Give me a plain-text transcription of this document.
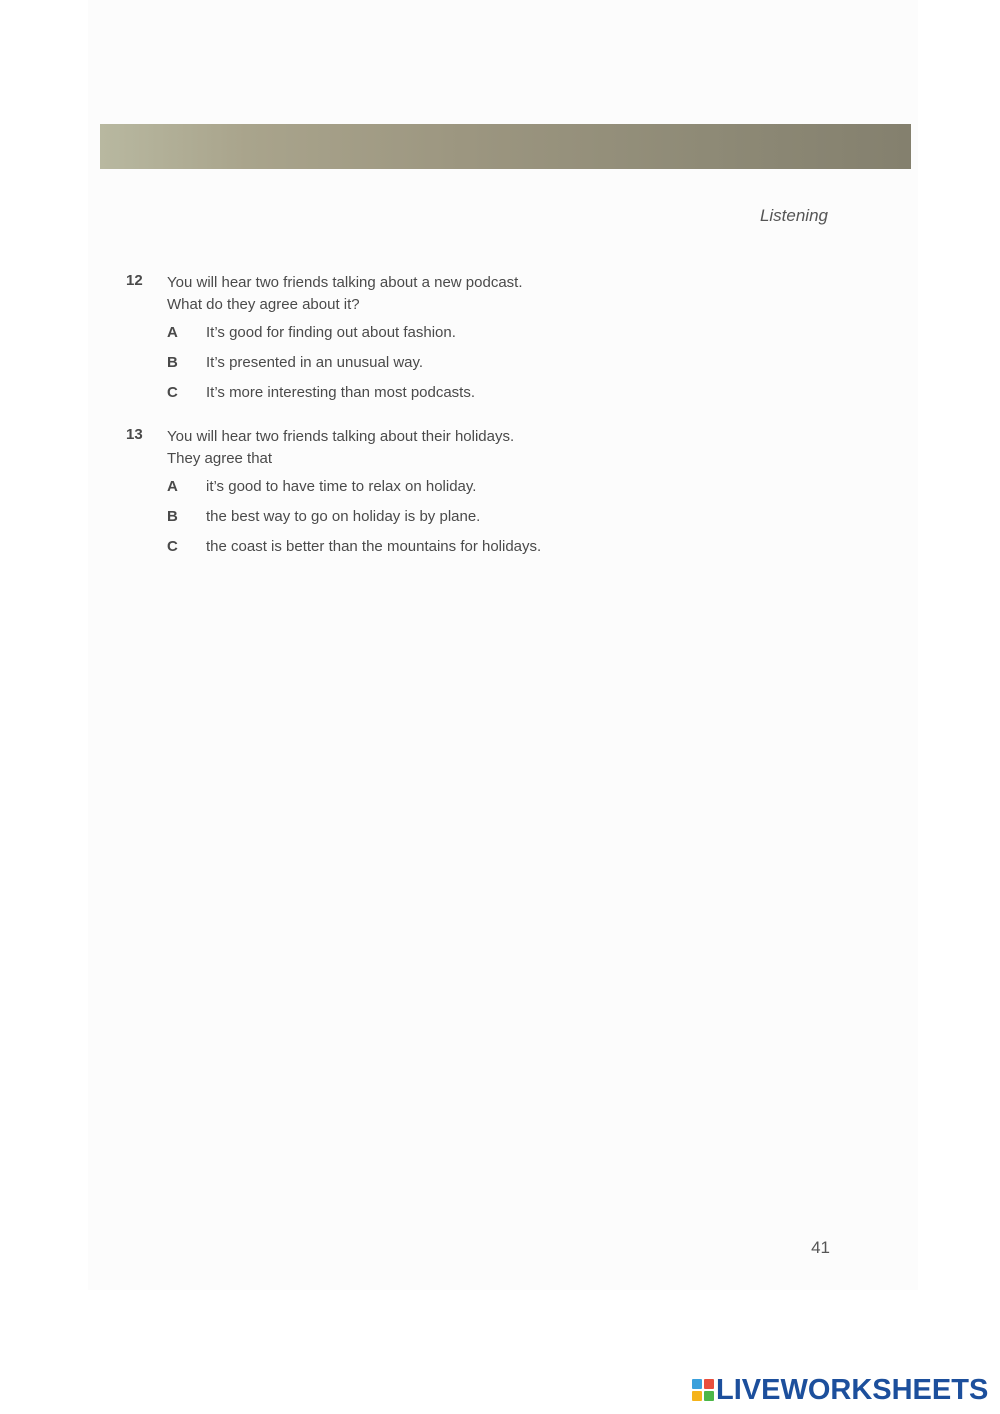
Listening
12	You will hear two friends talking about a new podcast.
What do they agree about it?
A It’s good for finding out about fashion.
B It’s presented in an unusual way.
C It’s more interesting than most podcasts.
13	You will hear two friends talking about their holidays.
They agree that
A it’s good to have time to relax on holiday.
B the best way to go on holiday is by plane.
C the coast is better than the mountains for holidays.
41
LIVEWORKSHEETS
